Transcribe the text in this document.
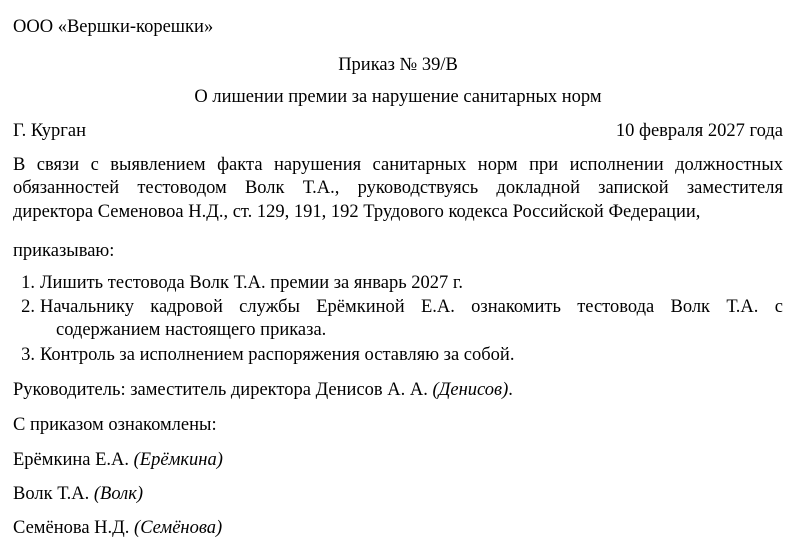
ООО «Вершки-корешки»
Приказ № 39/В
О лишении премии за нарушение санитарных норм
Г. Курган	10 февраля 2027 года
В связи с выявлением факта нарушения санитарных норм при исполнении должностных
обязанностей тестоводом Волк Т.А., руководствуясь докладной запиской заместителя
директора Семеновоа Н.Д., ст. 129, 191, 192 Трудового кодекса Российской Федерации,
приказываю:
1. Лишить тестовода Волк Т.А. премии за январь 2027 г.
2. Начальнику кадровой службы Ерёмкиной Е.А. ознакомить тестовода Волк Т.А. с
содержанием настоящего приказа.
3. Контроль за исполнением распоряжения оставляю за собой.
Руководитель: заместитель директора Денисов А. А. (Денисов).
С приказом ознакомлены:
Ерёмкина Е.А. (Ерёмкина)
Волк Т.А. (Волк)
Семёнова Н.Д. (Семёнова)
